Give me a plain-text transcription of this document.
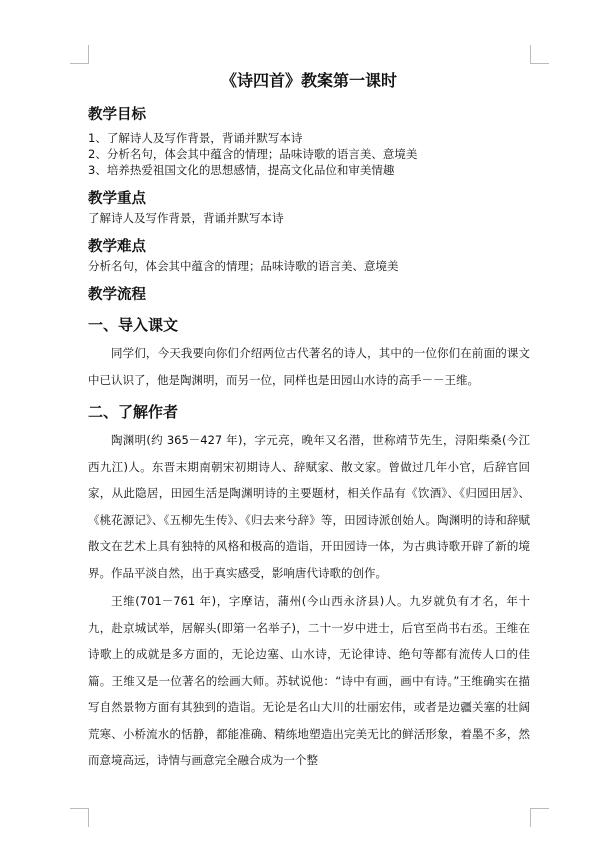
《诗四首》教案第一课时
教学目标
1、了解诗人及写作背景，背诵并默写本诗
2、分析名句，体会其中蕴含的情理；品味诗歌的语言美、意境美
3、培养热爱祖国文化的思想感情，提高文化品位和审美情趣
教学重点
了解诗人及写作背景，背诵并默写本诗
教学难点
分析名句，体会其中蕴含的情理；品味诗歌的语言美、意境美
教学流程
一、导入课文

同学们，今天我要向你们介绍两位古代著名的诗人，其中的一位你们在前面的课文中已认识了，他是陶渊明，而另一位，同样也是田园山水诗的高手－－王维。

二、了解作者

陶渊明(约 365－427 年)，字元亮，晚年又名潜，世称靖节先生，浔阳柴桑(今江西九江)人。东晋末期南朝宋初期诗人、辞赋家、散文家。曾做过几年小官，后辞官回家，从此隐居，田园生活是陶渊明诗的主要题材，相关作品有《饮酒》、《归园田居》、《桃花源记》、《五柳先生传》、《归去来兮辞》等，田园诗派创始人。陶渊明的诗和辞赋散文在艺术上具有独特的风格和极高的造诣，开田园诗一体，为古典诗歌开辟了新的境界。作品平淡自然，出于真实感受，影响唐代诗歌的创作。

王维(701－761 年)，字摩诘，蒲州(今山西永济县)人。九岁就负有才名，年十九，赴京城试举，居解头(即第一名举子)，二十一岁中进士，后官至尚书右丞。王维在诗歌上的成就是多方面的，无论边塞、山水诗，无论律诗、绝句等都有流传人口的佳篇。王维又是一位著名的绘画大师。苏轼说他：“诗中有画，画中有诗。”王维确实在描写自然景物方面有其独到的造诣。无论是名山大川的壮丽宏伟，或者是边疆关塞的壮阔荒寒、小桥流水的恬静，都能准确、精练地塑造出完美无比的鲜活形象，着墨不多，然而意境高远，诗情与画意完全融合成为一个整
